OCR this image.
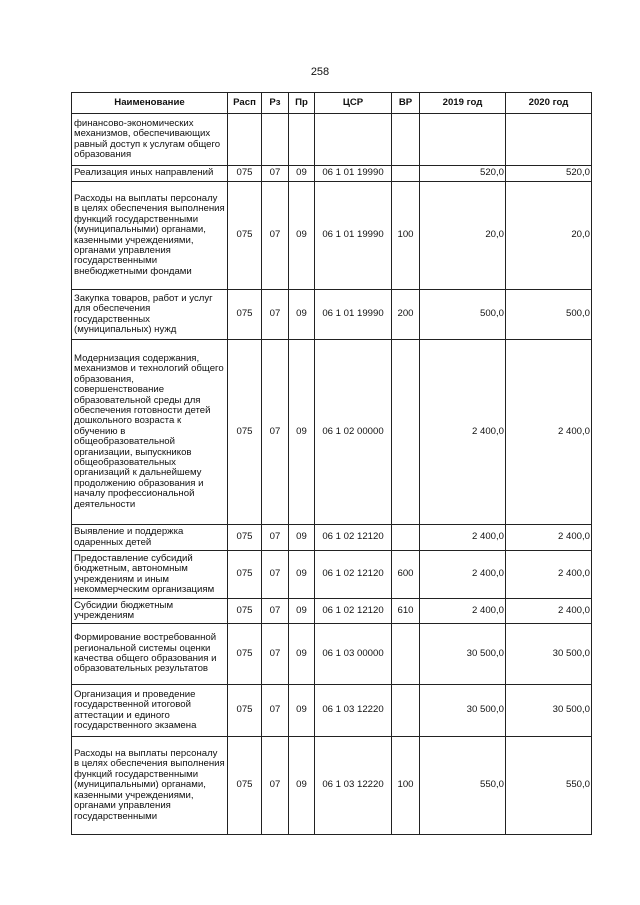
258
Наименование	Расп	Рз	Пр	ЦСР	ВР	2019 год	2020 год
финансово-экономических механизмов, обеспечивающих равный доступ к услугам общего образования							
Реализация иных направлений	075	07	09	06 1 01 19990		520,0	520,0
Расходы на выплаты персоналу в целях обеспечения выполнения функций государственными (муниципальными) органами, казенными учреждениями, органами управления государственными внебюджетными фондами	075	07	09	06 1 01 19990	100	20,0	20,0
Закупка товаров, работ и услуг для обеспечения государственных (муниципальных) нужд	075	07	09	06 1 01 19990	200	500,0	500,0
Модернизация содержания, механизмов и технологий общего образования, совершенствование образовательной среды для обеспечения готовности детей дошкольного возраста к обучению в общеобразовательной организации, выпускников общеобразовательных организаций к дальнейшему продолжению образования и началу профессиональной деятельности	075	07	09	06 1 02 00000		2 400,0	2 400,0
Выявление и поддержка одаренных детей	075	07	09	06 1 02 12120		2 400,0	2 400,0
Предоставление субсидий бюджетным, автономным учреждениям и иным некоммерческим организациям	075	07	09	06 1 02 12120	600	2 400,0	2 400,0
Субсидии бюджетным учреждениям	075	07	09	06 1 02 12120	610	2 400,0	2 400,0
Формирование востребованной региональной системы оценки качества общего образования и образовательных результатов	075	07	09	06 1 03 00000		30 500,0	30 500,0
Организация и проведение государственной итоговой аттестации и единого государственного экзамена	075	07	09	06 1 03 12220		30 500,0	30 500,0
Расходы на выплаты персоналу в целях обеспечения выполнения функций государственными (муниципальными) органами, казенными учреждениями, органами управления государственными	075	07	09	06 1 03 12220	100	550,0	550,0
